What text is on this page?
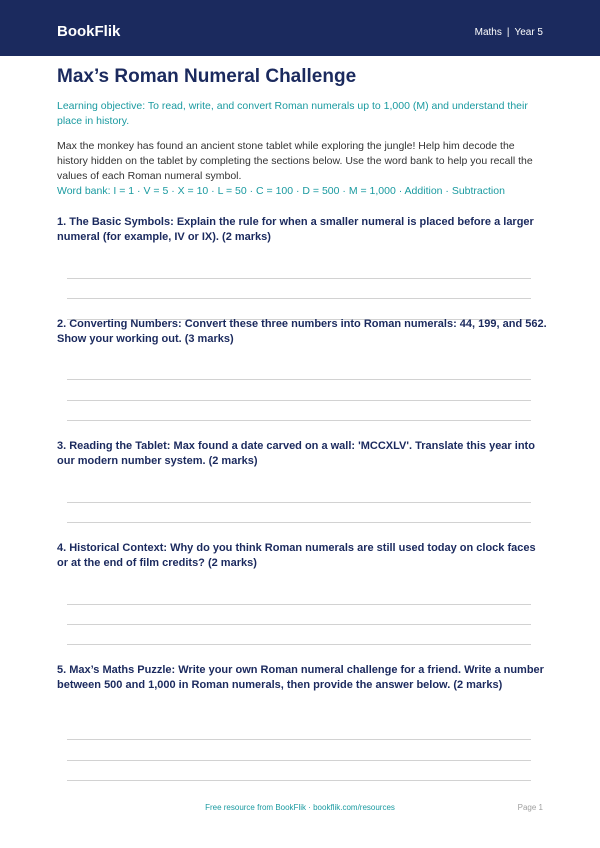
BookFlik	Maths | Year 5
Max’s Roman Numeral Challenge
Learning objective: To read, write, and convert Roman numerals up to 1,000 (M) and understand their place in history.
Max the monkey has found an ancient stone tablet while exploring the jungle! Help him decode the history hidden on the tablet by completing the sections below. Use the word bank to help you recall the values of each Roman numeral symbol.
Word bank: I = 1 · V = 5 · X = 10 · L = 50 · C = 100 · D = 500 · M = 1,000 · Addition · Subtraction
1. The Basic Symbols: Explain the rule for when a smaller numeral is placed before a larger numeral (for example, IV or IX). (2 marks)
2. Converting Numbers: Convert these three numbers into Roman numerals: 44, 199, and 562. Show your working out. (3 marks)
3. Reading the Tablet: Max found a date carved on a wall: 'MCCXLV'. Translate this year into our modern number system. (2 marks)
4. Historical Context: Why do you think Roman numerals are still used today on clock faces or at the end of film credits? (2 marks)
5. Max’s Maths Puzzle: Write your own Roman numeral challenge for a friend. Write a number between 500 and 1,000 in Roman numerals, then provide the answer below. (2 marks)
Free resource from BookFlik · bookflik.com/resources	Page 1
